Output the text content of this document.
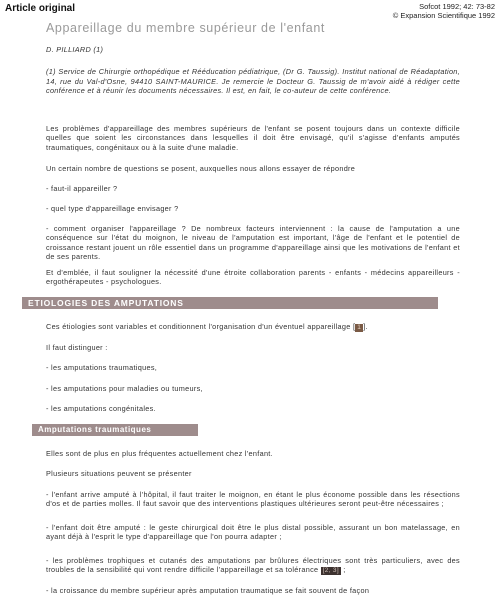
Article original	Sofcot 1992; 42: 73-82
© Expansion Scientifique 1992
Appareillage du membre supérieur de l'enfant

D. PILLIARD (1)

(1) Service de Chirurgie orthopédique et Rééducation pédiatrique, (Dr G. Taussig). Institut national de Réadaptation, 14, rue du Val-d'Osne, 94410 SAINT-MAURICE. Je remercie le Docteur G. Taussig de m'avoir aidé à rédiger cette conférence et à réunir les documents nécessaires. Il est, en fait, le co-auteur de cette conférence.

Les problèmes d'appareillage des membres supérieurs de l'enfant se posent toujours dans un contexte difficile quelles que soient les circonstances dans lesquelles il doit être envisagé, qu'il s'agisse d'enfants amputés traumatiques, congénitaux ou à la suite d'une maladie.
Un certain nombre de questions se posent, auxquelles nous allons essayer de répondre
- faut-il appareiller ?
- quel type d'appareillage envisager ?
- comment organiser l'appareillage ? De nombreux facteurs interviennent : la cause de l'amputation a une conséquence sur l'état du moignon, le niveau de l'amputation est important, l'âge de l'enfant et le potentiel de croissance restant jouent un rôle essentiel dans un programme d'appareillage ainsi que les motivations de l'enfant et de ses parents.
Et d'emblée, il faut souligner la nécessité d'une étroite collaboration parents - enfants - médecins appareilleurs - ergothérapeutes - psychologues.
ETIOLOGIES DES AMPUTATIONS
Ces étiologies sont variables et conditionnent l'organisation d'un éventuel appareillage [ 1 ].
Il faut distinguer :
- les amputations traumatiques,
- les amputations pour maladies ou tumeurs,
- les amputations congénitales.
Amputations traumatiques
Elles sont de plus en plus fréquentes actuellement chez l'enfant.
Plusieurs situations peuvent se présenter
- l'enfant arrive amputé à l'hôpital, il faut traiter le moignon, en étant le plus économe possible dans les résections d'os et de parties molles. Il faut savoir que des interventions plastiques ultérieures seront peut-être nécessaires ;
- l'enfant doit être amputé : le geste chirurgical doit être le plus distal possible, assurant un bon matelassage, en ayant déjà à l'esprit le type d'appareillage que l'on pourra adapter ;
- les problèmes trophiques et cutanés des amputations par brûlures électriques sont très particuliers, avec des troubles de la sensibilité qui vont rendre difficile l'appareillage et sa tolérance [2, 3] ;
- la croissance du membre supérieur après amputation traumatique se fait souvent de façon
